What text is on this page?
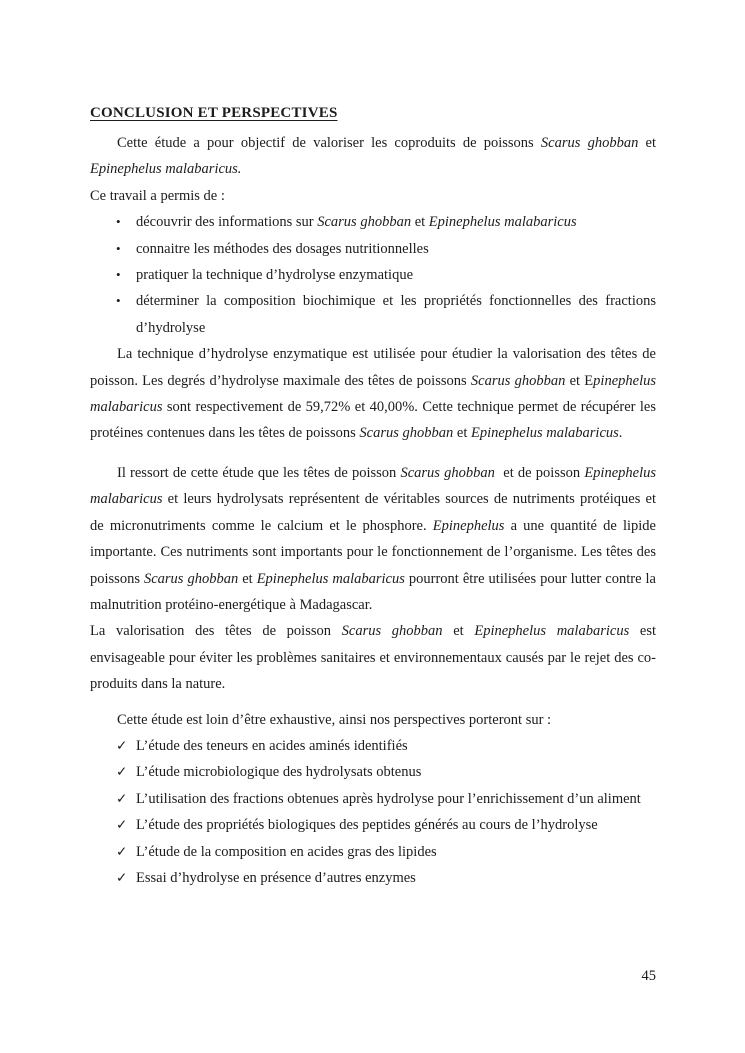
CONCLUSION ET PERSPECTIVES

Cette étude a pour objectif de valoriser les coproduits de poissons Scarus ghobban et Epinephelus malabaricus.

Ce travail a permis de :

• découvrir des informations sur Scarus ghobban et Epinephelus malabaricus
• connaitre les méthodes des dosages nutritionnelles
• pratiquer la technique d’hydrolyse enzymatique
• déterminer la composition biochimique et les propriétés fonctionnelles des fractions d’hydrolyse

La technique d’hydrolyse enzymatique est utilisée pour étudier la valorisation des têtes de poisson. Les degrés d’hydrolyse maximale des têtes de poissons Scarus ghobban et Epinephelus malabaricus sont respectivement de 59,72% et 40,00%. Cette technique permet de récupérer les protéines contenues dans les têtes de poissons Scarus ghobban et Epinephelus malabaricus.

Il ressort de cette étude que les têtes de poisson Scarus ghobban  et de poisson Epinephelus malabaricus et leurs hydrolysats représentent de véritables sources de nutriments protéiques et de micronutriments comme le calcium et le phosphore. Epinephelus a une quantité de lipide importante. Ces nutriments sont importants pour le fonctionnement de l’organisme. Les têtes des poissons Scarus ghobban et Epinephelus malabaricus pourront être utilisées pour lutter contre la malnutrition protéino-energétique à Madagascar.

La valorisation des têtes de poisson Scarus ghobban et Epinephelus malabaricus est envisageable pour éviter les problèmes sanitaires et environnementaux causés par le rejet des co-produits dans la nature.

Cette étude est loin d’être exhaustive, ainsi nos perspectives porteront sur :

✓ L’étude des teneurs en acides aminés identifiés
✓ L’étude microbiologique des hydrolysats obtenus
✓ L’utilisation des fractions obtenues après hydrolyse pour l’enrichissement d’un aliment
✓ L’étude des propriétés biologiques des peptides générés au cours de l’hydrolyse
✓ L’étude de la composition en acides gras des lipides
✓ Essai d’hydrolyse en présence d’autres enzymes
45
